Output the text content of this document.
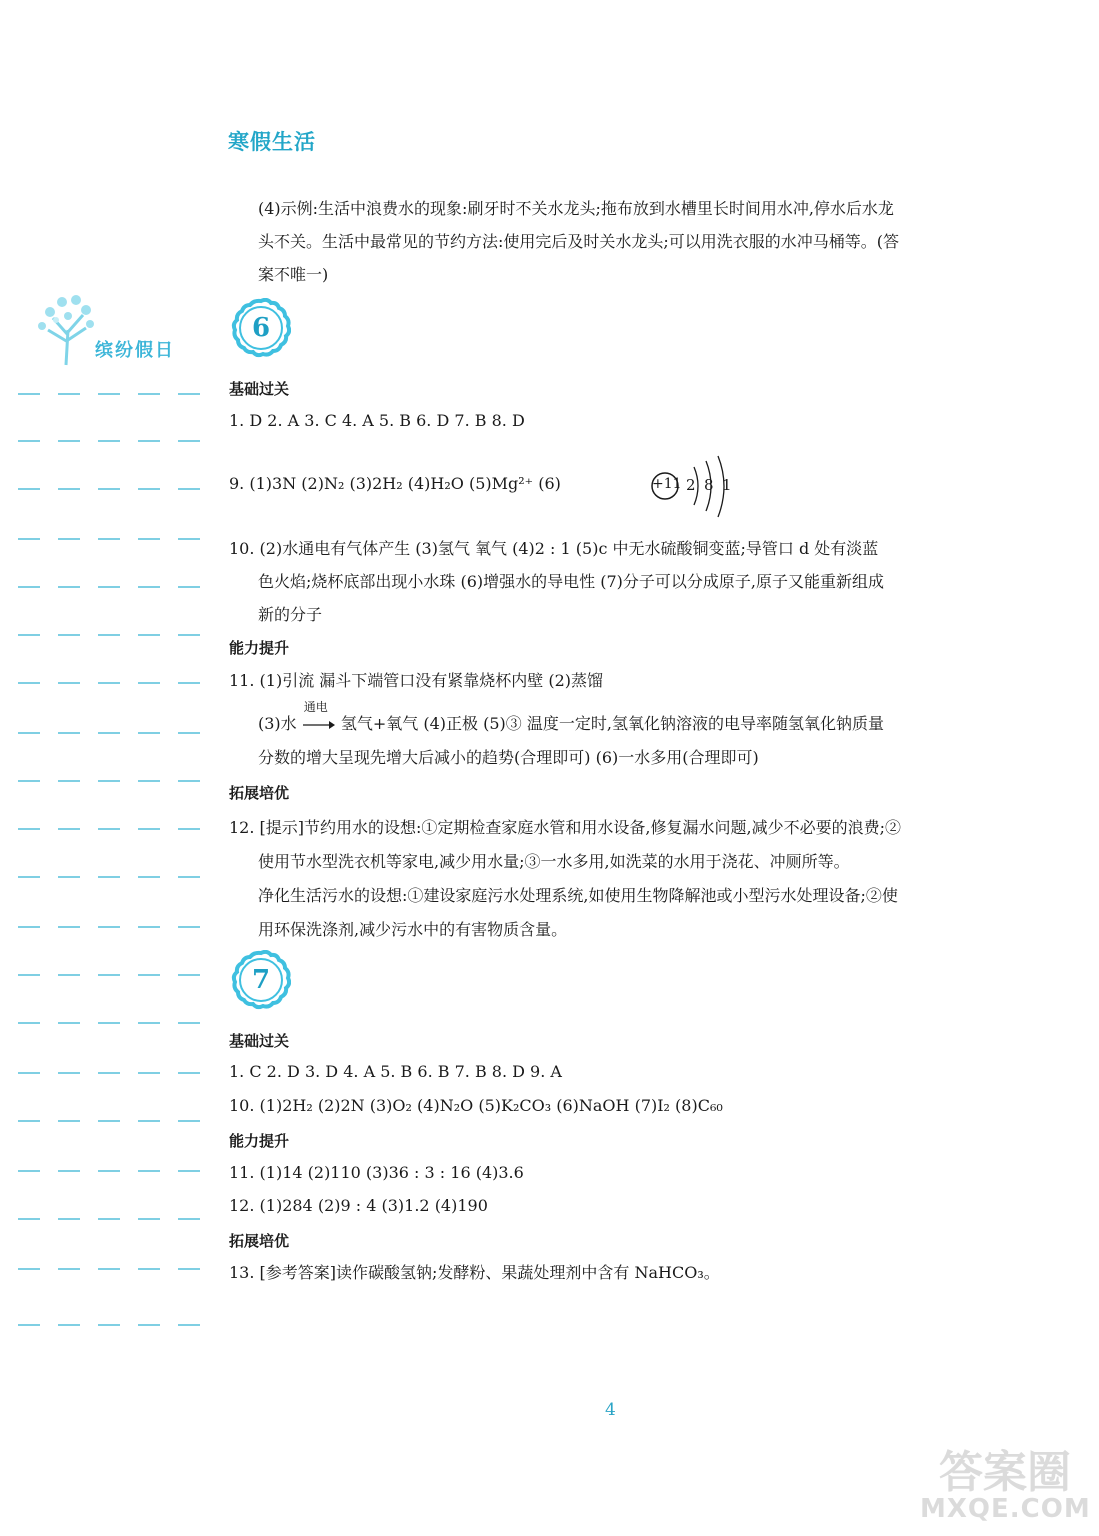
寒假生活
(4)示例:生活中浪费水的现象:刷牙时不关水龙头;拖布放到水槽里长时间用水冲,停水后水龙
头不关。生活中最常见的节约方法:使用完后及时关水龙头;可以用洗衣服的水冲马桶等。(答
案不唯一)
缤纷假日
6
基础过关
1. D 2. A 3. C 4. A 5. B 6. D 7. B 8. D
9. (1)3N (2)N₂ (3)2H₂ (4)H₂O (5)Mg²⁺ (6)	+11 2 8 1
10. (2)水通电有气体产生 (3)氢气 氧气 (4)2 : 1 (5)c 中无水硫酸铜变蓝;导管口 d 处有淡蓝
色火焰;烧杯底部出现小水珠 (6)增强水的导电性 (7)分子可以分成原子,原子又能重新组成
新的分子
能力提升
11. (1)引流 漏斗下端管口没有紧靠烧杯内壁 (2)蒸馏
(3)水
通电
氢气+氧气 (4)正极 (5)③ 温度一定时,氢氧化钠溶液的电导率随氢氧化钠质量
分数的增大呈现先增大后减小的趋势(合理即可) (6)一水多用(合理即可)
拓展培优
12. [提示]节约用水的设想:①定期检查家庭水管和用水设备,修复漏水问题,减少不必要的浪费;②
使用节水型洗衣机等家电,减少用水量;③一水多用,如洗菜的水用于浇花、冲厕所等。
净化生活污水的设想:①建设家庭污水处理系统,如使用生物降解池或小型污水处理设备;②使
用环保洗涤剂,减少污水中的有害物质含量。
7
基础过关
1. C 2. D 3. D 4. A 5. B 6. B 7. B 8. D 9. A
10. (1)2H₂ (2)2N (3)O₂ (4)N₂O (5)K₂CO₃ (6)NaOH (7)I₂ (8)C₆₀
能力提升
11. (1)14 (2)110 (3)36 : 3 : 16 (4)3.6
12. (1)284 (2)9 : 4 (3)1.2 (4)190
拓展培优
13. [参考答案]读作碳酸氢钠;发酵粉、果蔬处理剂中含有 NaHCO₃。
4
答案圈
MXQE.COM
